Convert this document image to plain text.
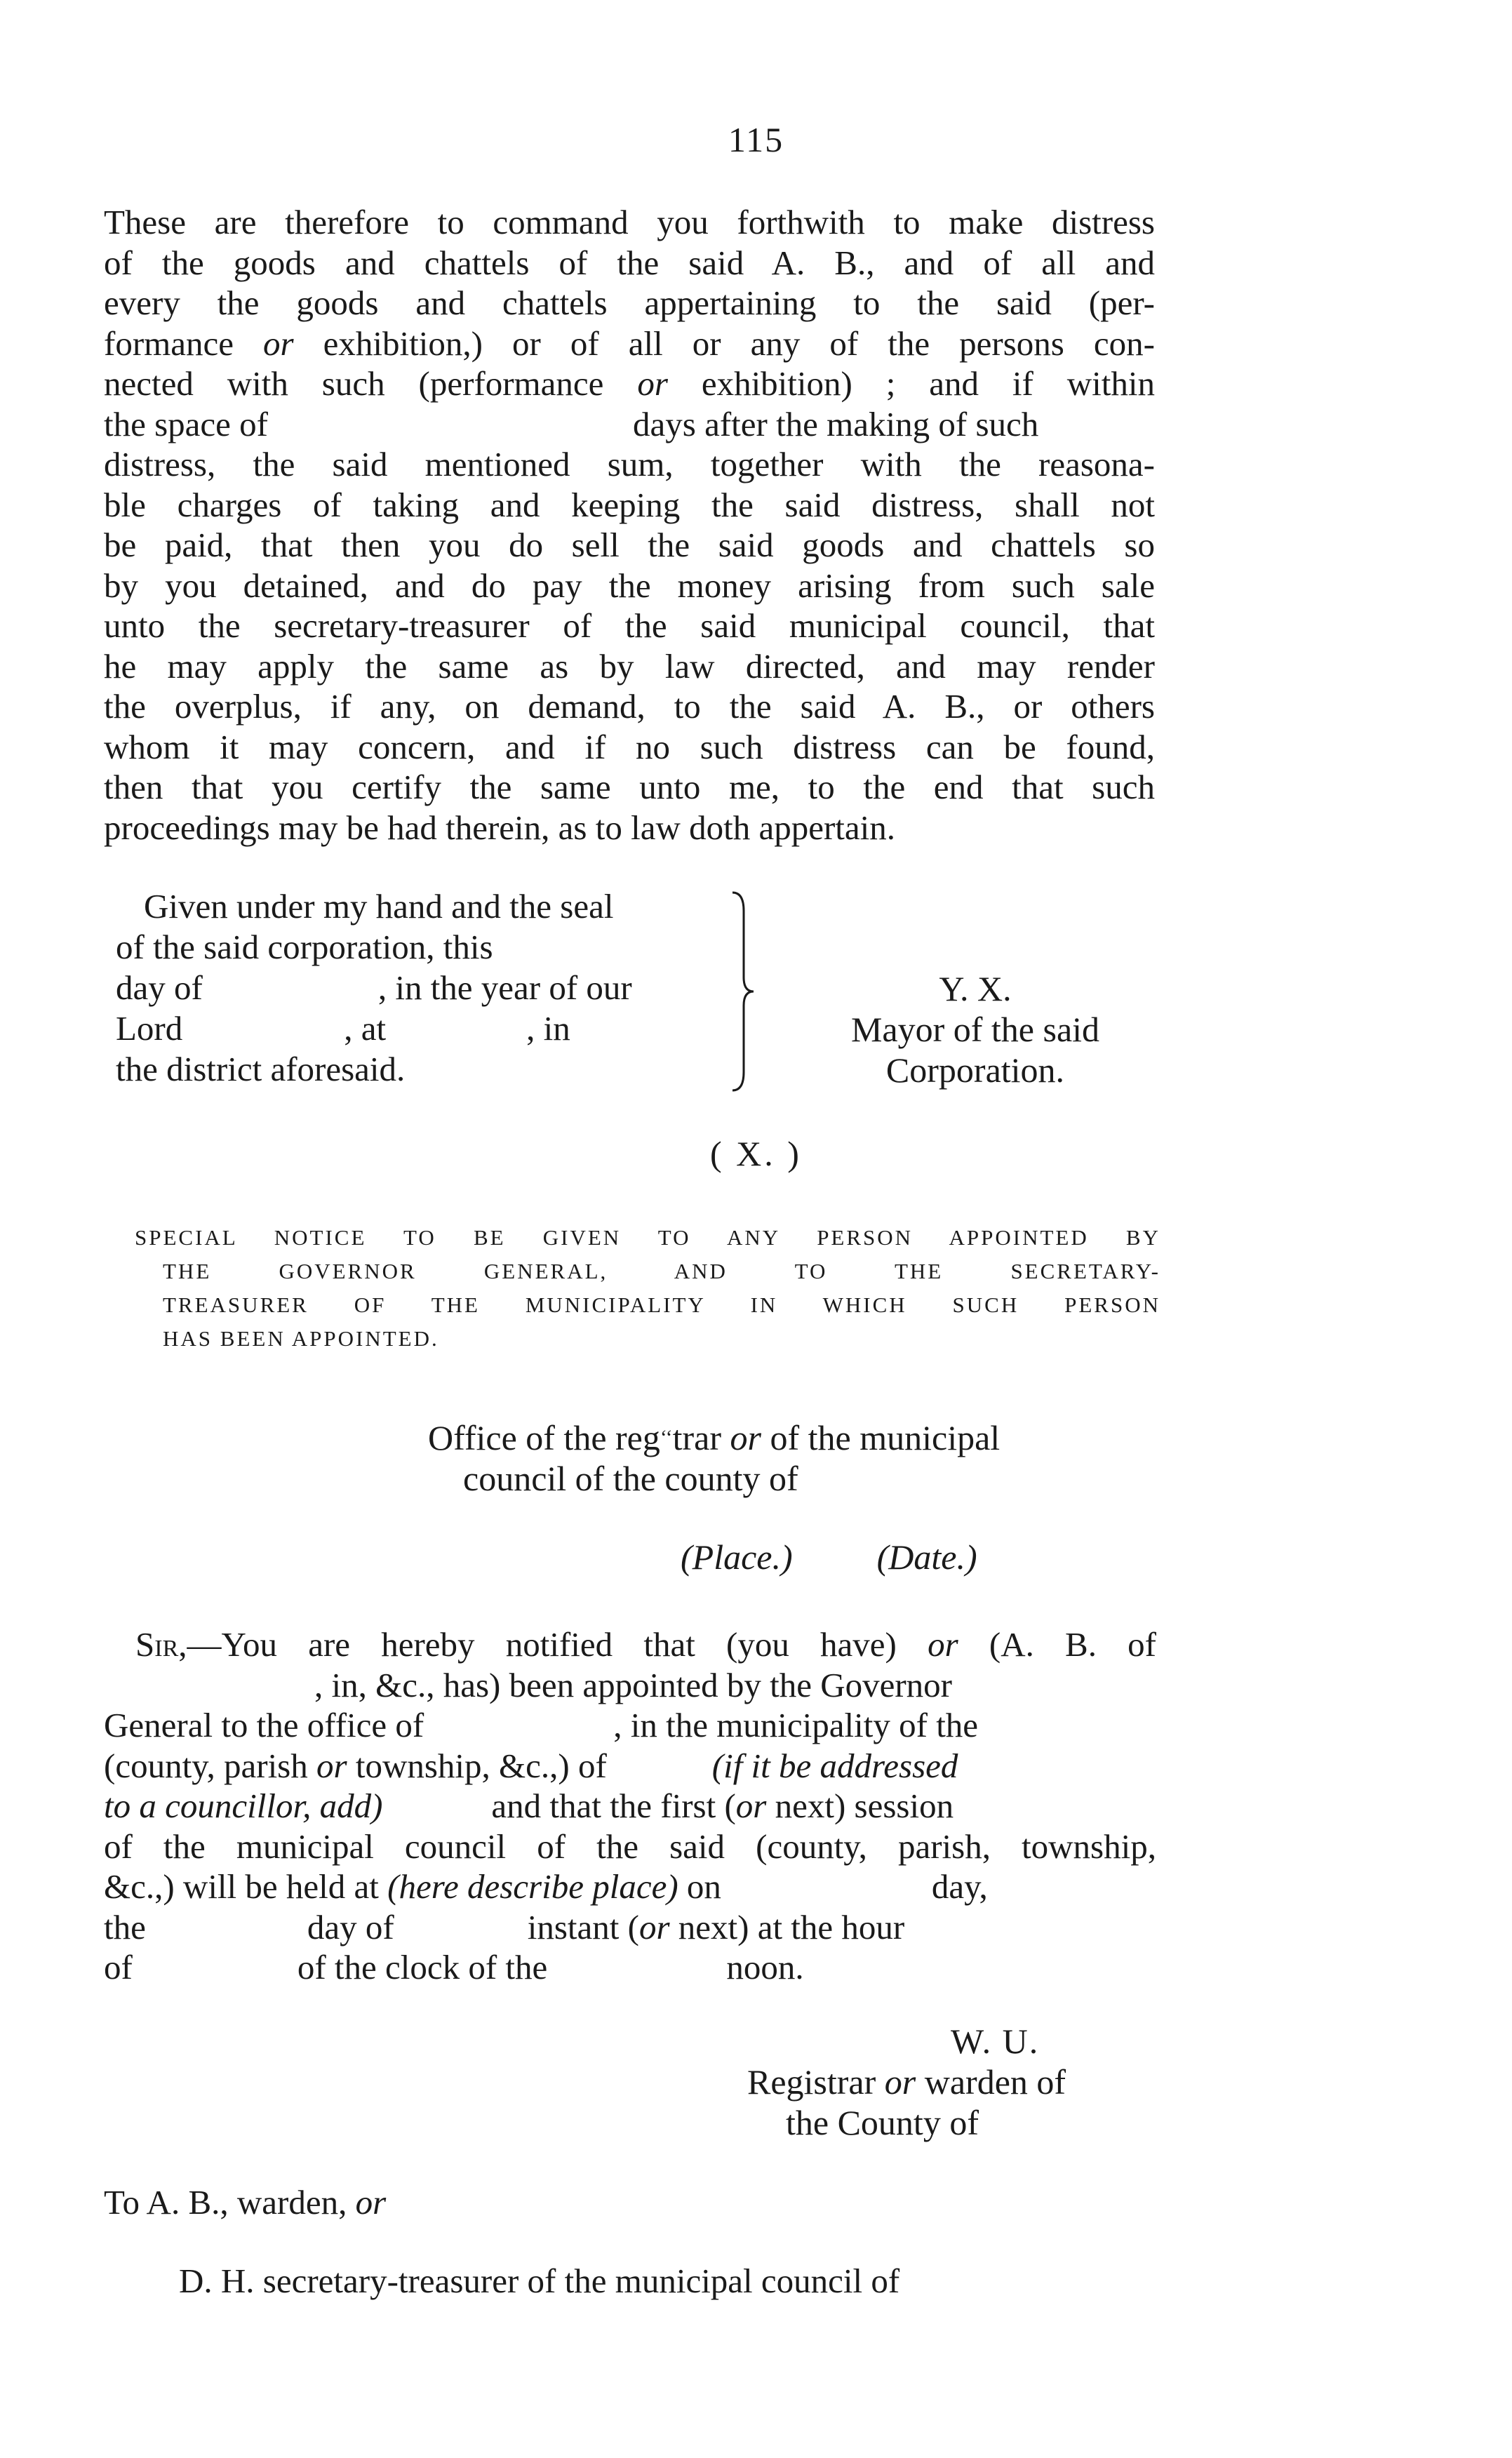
115
These are therefore to command you forthwith to make distress
of the goods and chattels of the said A. B., and of all and
every the goods and chattels appertaining to the said (per-
formance or exhibition,) or of all or any of the persons con-
nected with such (performance or exhibition) ; and if within
the space of	days after the making of such
distress, the said mentioned sum, together with the reasona-
ble charges of taking and keeping the said distress, shall not
be paid, that then you do sell the said goods and chattels so
by you detained, and do pay the money arising from such sale
unto the secretary-treasurer of the said municipal council, that
he may apply the same as by law directed, and may render
the overplus, if any, on demand, to the said A. B., or others
whom it may concern, and if no such distress can be found,
then that you certify the same unto me, to the end that such
proceedings may be had therein, as to law doth appertain.
Given under my hand and the seal
of the said corporation, this
day of	, in the year of our
Lord	, at	, in
the district aforesaid.
Y. X.
Mayor of the said
Corporation.
( X. )
SPECIAL NOTICE TO BE GIVEN TO ANY PERSON APPOINTED BY
THE GOVERNOR GENERAL, AND TO THE SECRETARY-
TREASURER OF THE MUNICIPALITY IN WHICH SUCH PERSON
HAS BEEN APPOINTED.
Office of the reg‘‘trar or of the municipal
council of the county of
(Place.) (Date.)
Sir,—You are hereby notified that (you have) or (A. B. of
, in, &c., has) been appointed by the Governor
General to the office of	, in the municipality of the
(county, parish or township, &c.,) of	(if it be addressed
to a councillor, add)	and that the first (or next) session
of the municipal council of the said (county, parish, township,
&c.,) will be held at (here describe place) on	day,
the	day of	instant (or next) at the hour
of	of the clock of the	noon.
W. U.
Registrar or warden of
the County of
To A. B., warden, or
D. H. secretary-treasurer of the municipal council of
